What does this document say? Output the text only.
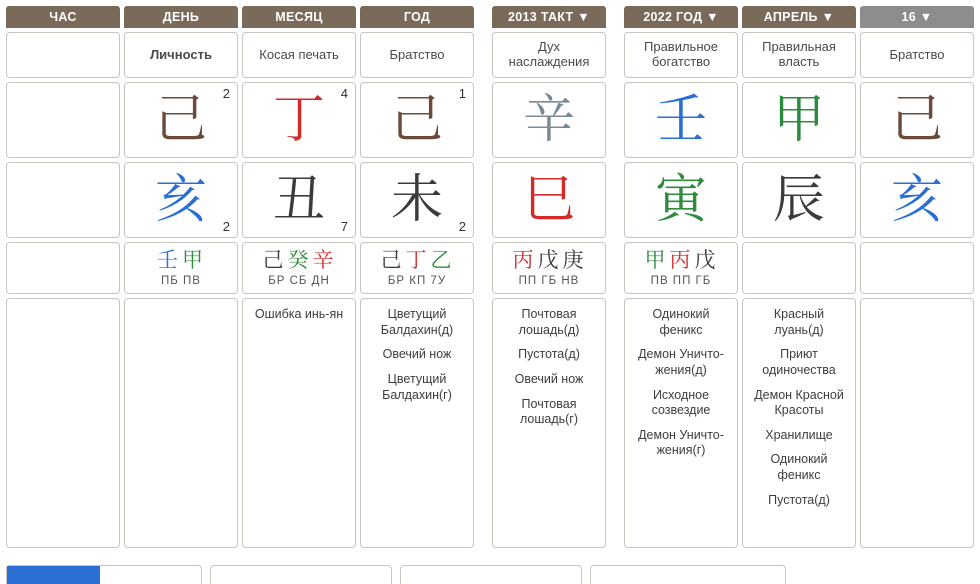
ЧАС	ДЕНЬ
Личность
己 2
亥 2
壬甲
ПБ ПВ
МЕСЯЦ
Косая печать
丁 4
丑 7
己癸辛
БР СБ ДН
Ошибка инь-ян
ГОД
Братство
己 1
未 2
己丁乙
БР КП 7У
Цветущий Балдахин(д)
Овечий нож
Цветущий Балдахин(г)
2013 ТАКТ ▼
Дух наслаждения
辛
巳
丙戊庚
ПП ГБ НВ
Почтовая лошадь(д)
Пустота(д)
Овечий нож
Почтовая лошадь(г)
2022 ГОД ▼
Правильное богатство
壬
寅
甲丙戊
ПВ ПП ГБ
Одинокий феникс
Демон Уничто-жения(д)
Исходное созвездие
Демон Уничто-жения(г)
АПРЕЛЬ ▼
Правильная власть
甲
辰
Красный луань(д)
Приют одиночества
Демон Красной Красоты
Хранилище
Одинокий феникс
Пустота(д)
16 ▼
Братство
己
亥
